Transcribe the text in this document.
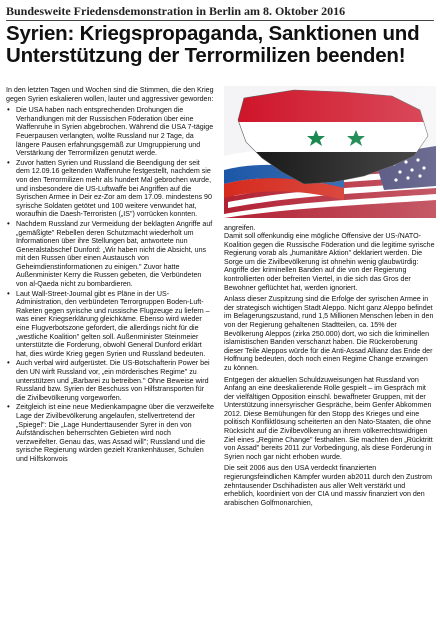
Bundesweite Friedensdemonstration in Berlin am 8. Oktober 2016
Syrien: Kriegspropaganda, Sanktionen und
Unterstützung der Terrormilizen beenden!

In den letzten Tagen und Wochen sind die Stimmen, die den Krieg gegen Syrien eskalieren wollen, lauter und aggressiver geworden:

• Die USA haben nach entsprechenden Drohungen die Verhandlungen mit der Russischen Föderation über eine Waffenruhe in Syrien abgebrochen. Während die USA 7-tägige Feuerpausen verlangten, wollte Russland nur 2 Tage, da längere Pausen erfahrungsgemäß zur Umgruppierung und Verstärkung der Terrormilizen genutzt werde.
• Zuvor hatten Syrien und Russland die Beendigung der seit dem 12.09.16 geltenden Waffenruhe festgestellt, nachdem sie von den Terrormilizen mehr als hundert Mal gebrochen wurde, und insbesondere die US-Luftwaffe bei Angriffen auf die Syrischen Armee in Deir ez-Zor am dem 17.09. mindestens 90 syrische Soldaten getötet und 100 weitere verwundet hat, woraufhin die Daesh-Terroristen („IS") vorrücken konnten.
• Nachdem Russland zur Vermeidung der beklagten Angriffe auf „gemäßigte" Rebellen deren Schutzmacht wiederholt um Informationen über ihre Stellungen bat, antwortete nun Generalstabschef Dunford: „Wir haben nicht die Absicht, uns mit den Russen über einen Austausch von Geheimdienstinformationen zu einigen." Zuvor hatte Außenminister Kerry die Russen gebeten, die Verbündeten von al-Qaeda nicht zu bombardieren.
• Laut Wall-Street-Journal gibt es Pläne in der US-Administration, den verbündeten Terrorgruppen Boden-Luft-Raketen gegen syrische und russische Flugzeuge zu liefern – was einer Kriegserklärung gleichkäme. Ebenso wird wieder eine Flugverbotszone gefordert, die allerdings nicht für die „westliche Koalition" gelten soll. Außenminister Steinmeier unterstützte die Forderung, obwohl General Dunford erklärt hat, dies würde Krieg gegen Syrien und Russland bedeuten.
• Auch verbal wird aufgerüstet. Die US-Botschafterin Power bei den UN wirft Russland vor, „ein mörderisches Regime" zu unterstützen und „Barbarei zu betreiben." Ohne Beweise wird Russland bzw. Syrien der Beschuss von Hilfstransporten für die Zivilbevölkerung vorgeworfen.
• Zeitgleich ist eine neue Medienkampagne über die verzweifelte Lage der Zivilbevölkerung angelaufen, stellvertretend der „Spiegel": Die „Lage Hunderttausender Syrer in den von Aufständischen beherrschten Gebieten wird noch verzweifelter. Genau das, was Assad will"; Russland und die syrische Regierung würden gezielt Krankenhäuser, Schulen und Hilfskonvois
angreifen.

Damit soll offenkundig eine mögliche Offensive der US-/NATO-Koalition gegen die Russische Föderation und die legitime syrische Regierung vorab als „humanitäre Aktion" deklariert werden. Die Sorge um die Zivilbevölkerung ist ohnehin wenig glaubwürdig: Angriffe der kriminellen Banden auf die von der Regierung kontrollierten oder befreiten Viertel, in die sich das Gros der Bewohner geflüchtet hat, werden ignoriert.

Anlass dieser Zuspitzung sind die Erfolge der syrischen Armee in der strategisch wichtigen Stadt Aleppo. Nicht ganz Aleppo befindet im Belagerungszustand, rund 1,5 Millionen Menschen leben in den von der Regierung gehaltenen Stadtteilen, ca. 15% der Bevölkerung Aleppos (zirka 250.000) dort, wo sich die kriminellen islamistischen Banden verschanzt haben. Die Rückeroberung dieser Teile Aleppos würde für die Anti-Assad Allianz das Ende der Hoffnung bedeuten, doch noch einen Regime Change erzwingen zu können.

Entgegen der aktuellen Schuldzuweisungen hat Russland von Anfang an eine deeskalierende Rolle gespielt – im Gespräch mit der vielfältigen Opposition einschl. bewaffneter Gruppen, mit der Unterstützung innersyrischer Gespräche, beim Genfer Abkommen 2012. Diese Bemühungen für den Stopp des Krieges und eine politisch Konfliktlösung scheiterten an den Nato-Staaten, die ohne Rücksicht auf die Zivilbevölkerung an ihrem völkerrechtswidrigen Ziel eines „Regime Change" festhalten. Sie machten den „Rücktritt von Assad" bereits 2011 zur Vorbedingung, als diese Forderung in Syrien noch gar nicht erhoben wurde.

Die seit 2006 aus den USA verdeckt finanzierten regierungsfeindlichen Kämpfer wurden ab2011 durch den Zustrom zehntausender Dschihadisten aus aller Welt verstärkt und erheblich, koordiniert von der CIA und massiv finanziert von den arabischen Golfmonarchien,
